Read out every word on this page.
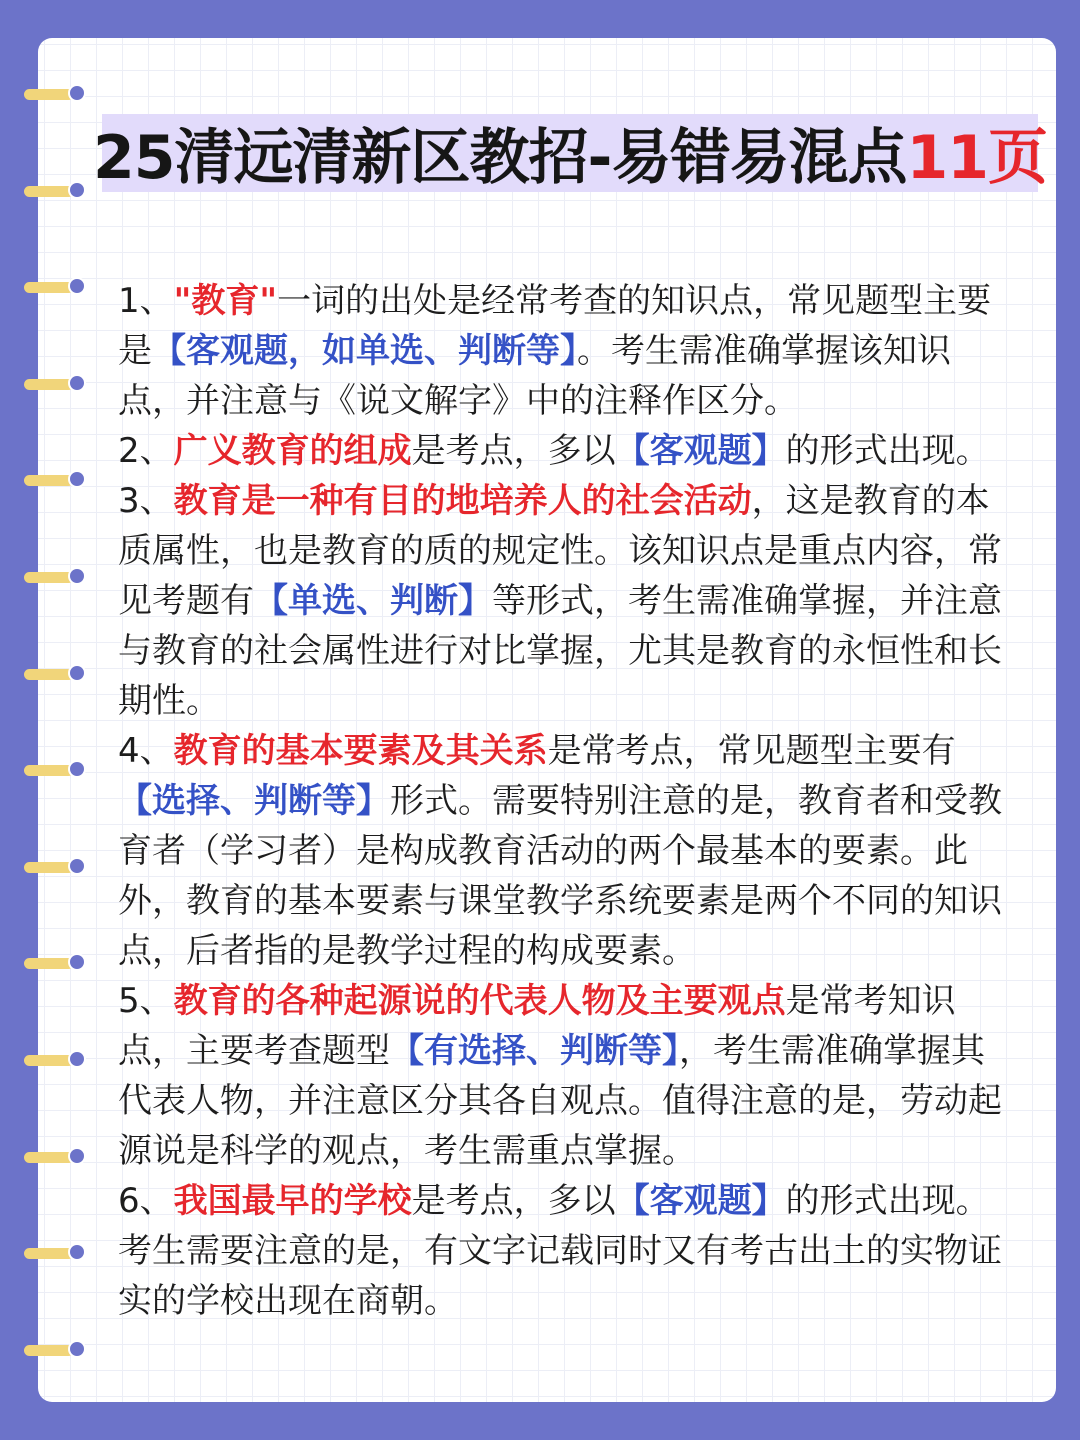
25清远清新区教招-易错易混点 11页

1、"教育"一词的出处是经常考查的知识点，常见题型主要是【客观题，如单选、判断等】。考生需准确掌握该知识点，并注意与《说文解字》中的注释作区分。

2、广义教育的组成是考点，多以【客观题】的形式出现。

3、教育是一种有目的地培养人的社会活动，这是教育的本质属性，也是教育的质的规定性。该知识点是重点内容，常见考题有【单选、判断】等形式，考生需准确掌握，并注意与教育的社会属性进行对比掌握，尤其是教育的永恒性和长期性。

4、教育的基本要素及其关系是常考点，常见题型主要有【选择、判断等】形式。需要特别注意的是，教育者和受教育者（学习者）是构成教育活动的两个最基本的要素。此外，教育的基本要素与课堂教学系统要素是两个不同的知识点，后者指的是教学过程的构成要素。

5、教育的各种起源说的代表人物及主要观点是常考知识点，主要考查题型【有选择、判断等】，考生需准确掌握其代表人物，并注意区分其各自观点。值得注意的是，劳动起源说是科学的观点，考生需重点掌握。

6、我国最早的学校是考点，多以【客观题】的形式出现。考生需要注意的是，有文字记载同时又有考古出土的实物证实的学校出现在商朝。
